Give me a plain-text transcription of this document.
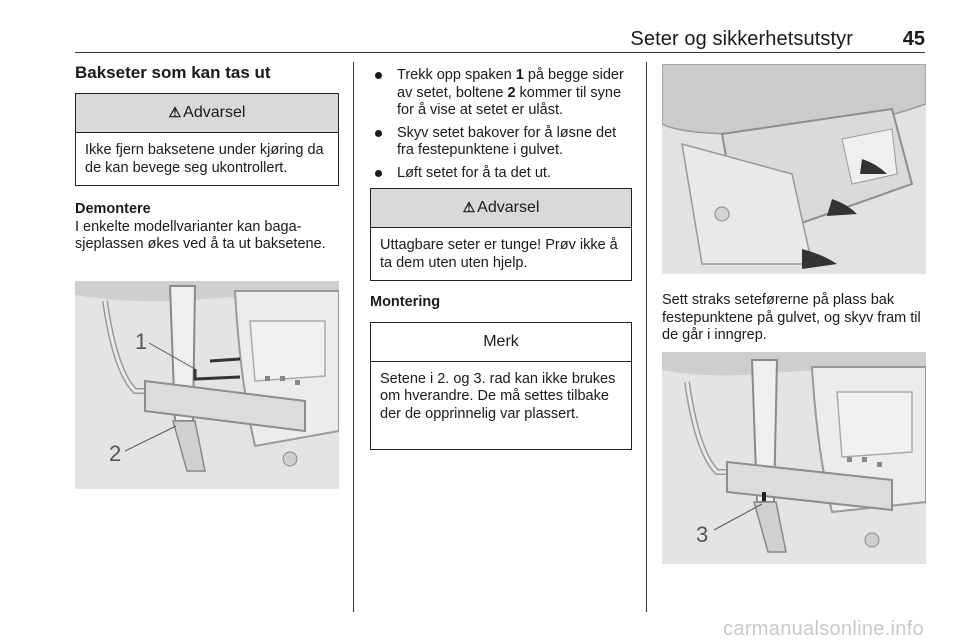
Seter og sikkerhetsutstyr 45
Bakseter som kan tas ut
⚠ Advarsel
Ikke fjern baksetene under kjøring da de kan bevege seg ukontrollert.
Demontere

I enkelte modellvarianter kan bagasjeplassen økes ved å ta ut baksetene.

1
2
Trekk opp spaken 1 på begge sider av setet, boltene 2 kommer til syne for å vise at setet er ulåst.
Skyv setet bakover for å løsne det fra festepunktene i gulvet.
Løft setet for å ta det ut.
⚠ Advarsel
Uttagbare seter er tunge! Prøv ikke å ta dem uten uten hjelp.
Montering
Merk
Setene i 2. og 3. rad kan ikke brukes om hverandre. De må settes tilbake der de opprinnelig var plassert.

Sett straks seteførerne på plass bak festepunktene på gulvet, og skyv fram til de går i inngrep.

3
carmanualsonline.info
